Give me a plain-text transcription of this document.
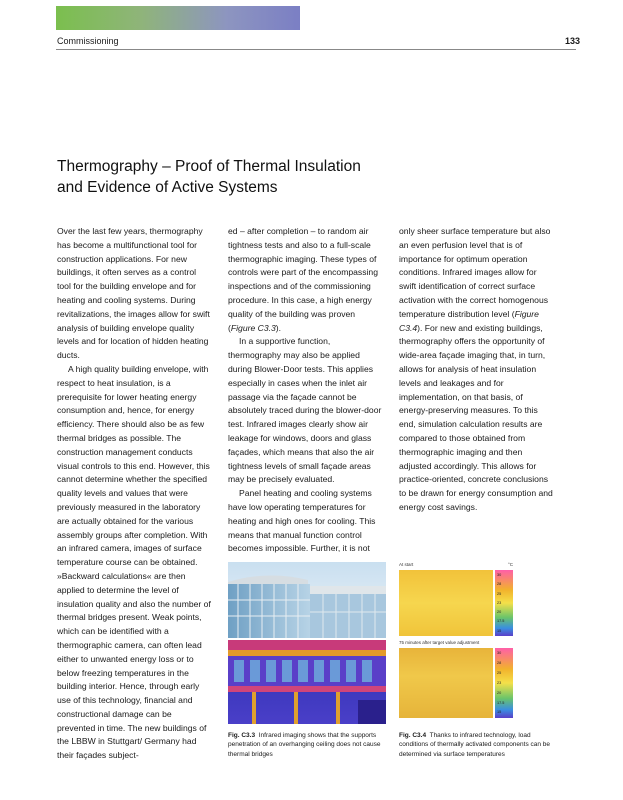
Commissioning	133
Thermography – Proof of Thermal Insulation
and Evidence of Active Systems

Over the last few years, thermography has become a multifunctional tool for construction applications. For new buildings, it often serves as a control tool for the building envelope and for heating and cooling systems. During revitalizations, the images allow for swift analysis of building envelope quality levels and for location of hidden heating ducts.

A high quality building envelope, with respect to heat insulation, is a prerequisite for lower heating energy consumption and, hence, for energy efficiency. There should also be as few thermal bridges as possible. The construction management conducts visual controls to this end. However, this cannot determine whether the specified quality levels and values that were previously measured in the laboratory are actually obtained for the various assembly groups after completion. With an infrared camera, images of surface temperature course can be obtained. »Backward calculations« are then applied to determine the level of insulation quality and also the number of thermal bridges present. Weak points, which can be identified with a thermographic camera, can often lead either to unwanted energy loss or to below freezing temperatures in the building interior. Hence, through early use of this technology, financial and constructional damage can be prevented in time. The new buildings of the LBBW in Stuttgart/ Germany had their façades subject-

ed – after completion – to random air tightness tests and also to a full-scale thermographic imaging. These types of controls were part of the encompassing inspections and of the commissioning procedure. In this case, a high energy quality of the building was proven (Figure C3.3).

In a supportive function, thermography may also be applied during Blower-Door tests. This applies especially in cases when the inlet air passage via the façade cannot be absolutely traced during the blower-door test. Infrared images clearly show air leakage for windows, doors and glass façades, which means that also the air tightness levels of small façade areas may be precisely evaluated.

Panel heating and cooling systems have low operating temperatures for heating and high ones for cooling. This means that manual function control becomes impossible. Further, it is not

only sheer surface temperature but also an even perfusion level that is of importance for optimum operation conditions. Infrared images allow for swift identification of correct surface activation with the correct homogenous temperature distribution level (Figure C3.4). For new and existing buildings, thermography offers the opportunity of wide-area façade imaging that, in turn, allows for analysis of heat insulation levels and leakages and for implementation, on that basis, of energy-preserving measures. To this end, simulation calculation results are compared to those obtained from thermographic imaging and then adjusted accordingly. This allows for practice-oriented, concrete conclusions to be drawn for energy consumption and energy cost savings.

At start	°C
30
28
25
23
20
17.5
15
75 minutes after target value adjustment
30
28
25
23
20
17.5
15
Fig. C3.3 Infrared imaging shows that the supports penetration of an overhanging ceiling does not cause thermal bridges
Fig. C3.4 Thanks to infrared technology, load conditions of thermally activated components can be determined via surface temperatures
